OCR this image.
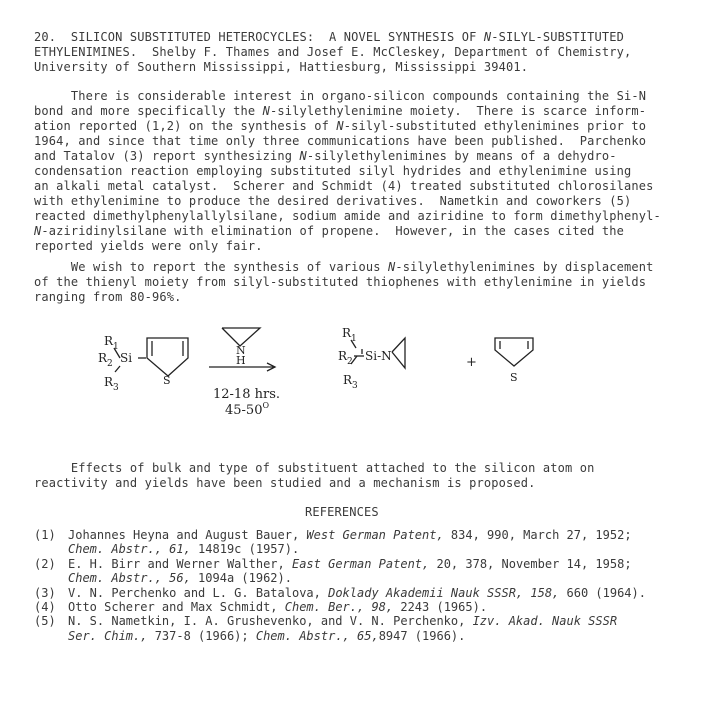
20.  SILICON SUBSTITUTED HETEROCYCLES:  A NOVEL SYNTHESIS OF N-SILYL-SUBSTITUTED
ETHYLENIMINES.  Shelby F. Thames and Josef E. McCleskey, Department of Chemistry,
University of Southern Mississippi, Hattiesburg, Mississippi 39401.
There is considerable interest in organo-silicon compounds containing the Si-N
bond and more specifically the N-silylethylenimine moiety.  There is scarce inform-
ation reported (1,2) on the synthesis of N-silyl-substituted ethylenimines prior to
1964, and since that time only three communications have been published.  Parchenko
and Tatalov (3) report synthesizing N-silylethylenimines by means of a dehydro-
condensation reaction employing substituted silyl hydrides and ethylenimine using
an alkali metal catalyst.  Scherer and Schmidt (4) treated substituted chlorosilanes
with ethylenimine to produce the desired derivatives.  Nametkin and coworkers (5)
reacted dimethylphenylallylsilane, sodium amide and aziridine to form dimethylphenyl-
N-aziridinylsilane with elimination of propene.  However, in the cases cited the
reported yields were only fair.
We wish to report the synthesis of various N-silylethylenimines by displacement
of the thienyl moiety from silyl-substituted thiophenes with ethylenimine in yields
ranging from 80-96%.
$R_1$
$R_2$ Si
$R_3$
S
N
H
12-18 hrs.
$45-50^O$
$R_1$
$R_2$ Si-N
$R_3$
+
S
Effects of bulk and type of substituent attached to the silicon atom on
reactivity and yields have been studied and a mechanism is proposed.
REFERENCES
(1) Johannes Heyna and August Bauer, West German Patent, 834, 990, March 27, 1952;
Chem. Abstr., 61, 14819c (1957).
(2) E. H. Birr and Werner Walther, East German Patent, 20, 378, November 14, 1958;
Chem. Abstr., 56, 1094a (1962).
(3) V. N. Perchenko and L. G. Batalova, Doklady Akademii Nauk SSSR, 158, 660 (1964).
(4) Otto Scherer and Max Schmidt, Chem. Ber., 98, 2243 (1965).
(5) N. S. Nametkin, I. A. Grushevenko, and V. N. Perchenko, Izv. Akad. Nauk SSSR
Ser. Chim., 737-8 (1966); Chem. Abstr., 65,8947 (1966).
